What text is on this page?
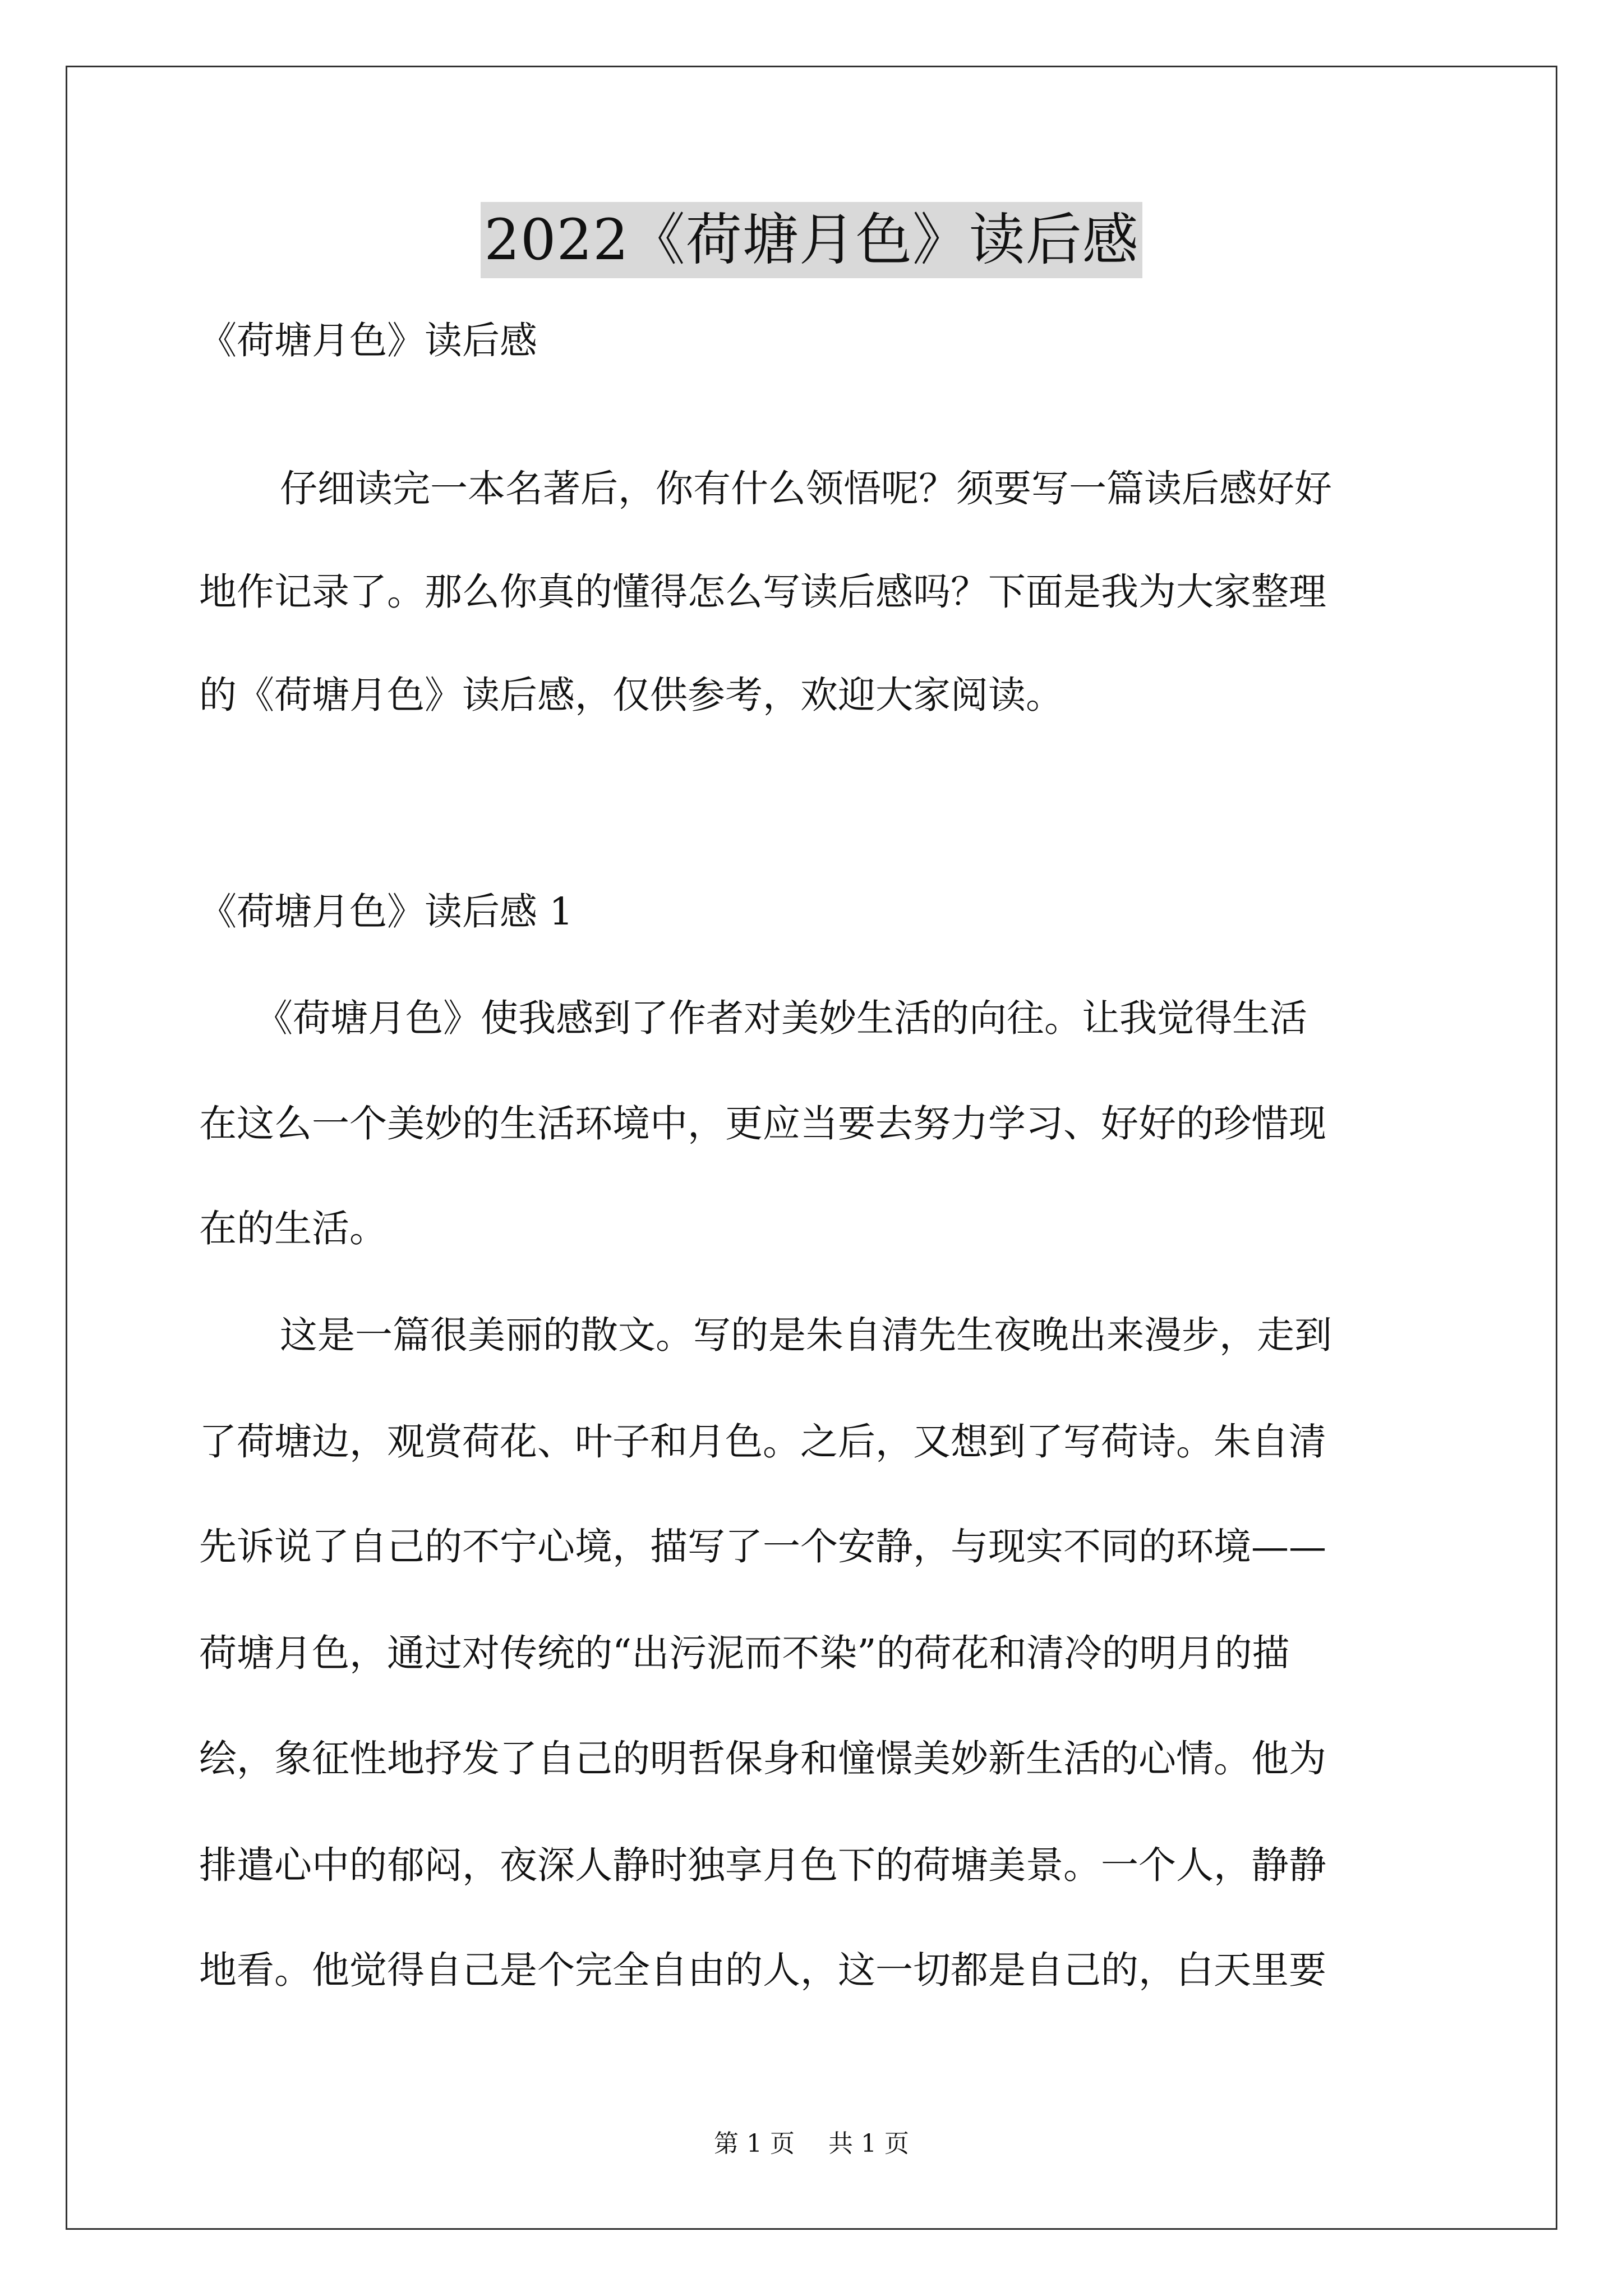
2022《荷塘月色》读后感
《荷塘月色》读后感
仔细读完一本名著后，你有什么领悟呢？须要写一篇读后感好好
地作记录了。那么你真的懂得怎么写读后感吗？下面是我为大家整理
的《荷塘月色》读后感，仅供参考，欢迎大家阅读。
《荷塘月色》读后感 1
《荷塘月色》使我感到了作者对美妙生活的向往。让我觉得生活
在这么一个美妙的生活环境中，更应当要去努力学习、好好的珍惜现
在的生活。
这是一篇很美丽的散文。写的是朱自清先生夜晚出来漫步，走到
了荷塘边，观赏荷花、叶子和月色。之后，又想到了写荷诗。朱自清
先诉说了自己的不宁心境，描写了一个安静，与现实不同的环境——
荷塘月色，通过对传统的“出污泥而不染”的荷花和清冷的明月的描
绘，象征性地抒发了自己的明哲保身和憧憬美妙新生活的心情。他为
排遣心中的郁闷，夜深人静时独享月色下的荷塘美景。一个人，静静
地看。他觉得自己是个完全自由的人，这一切都是自己的，白天里要
第 1 页 共 1 页
